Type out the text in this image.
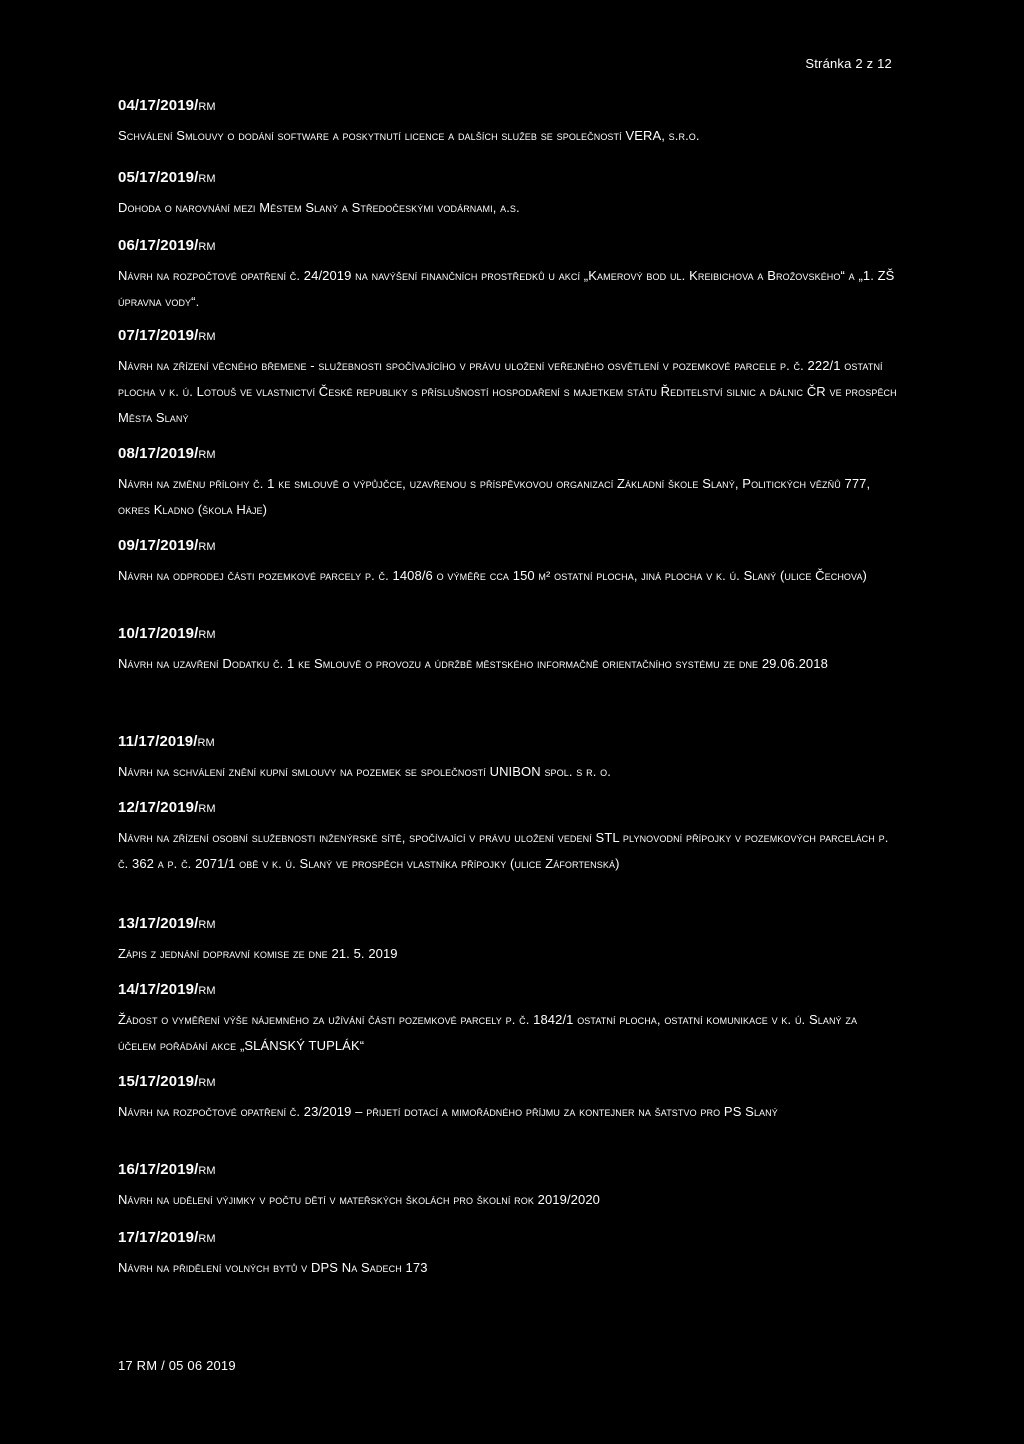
Stránka 2 z 12
04/17/2019/rm
Schválení Smlouvy o dodání software a poskytnutí licence a dalších služeb se společností VERA, s.r.o.
05/17/2019/rm
Dohoda o narovnání mezi Městem Slaný a Středočeskými vodárnami, a.s.
06/17/2019/rm
Návrh na rozpočtové opatření č. 24/2019 na navýšení finančních prostředků u akcí „Kamerový bod ul. Kreibichova a Brožovského“ a „1. ZŠ úpravna vody“.
07/17/2019/rm
Návrh na zřízení věcného břemene - služebnosti spočívajícího v právu uložení veřejného osvětlení v pozemkové parcele p. č. 222/1 ostatní plocha v k. ú. Lotouš ve vlastnictví České republiky s příslušností hospodaření s majetkem státu Ředitelství silnic a dálnic ČR ve prospěch Města Slaný
08/17/2019/rm
Návrh na změnu přílohy č. 1 ke smlouvě o výpůjčce, uzavřenou s příspěvkovou organizací Základní škole Slaný, Politických vězňů 777, okres Kladno (škola Háje)
09/17/2019/rm
Návrh na odprodej části pozemkové parcely p. č. 1408/6 o výměře cca 150 m² ostatní plocha, jiná plocha v k. ú. Slaný (ulice Čechova)
10/17/2019/rm
Návrh na uzavření Dodatku č. 1 ke Smlouvě o provozu a údržbě městského informačně orientačního systému ze dne 29.06.2018
11/17/2019/rm
Návrh na schválení znění kupní smlouvy na pozemek se společností UNIBON spol. s r. o.
12/17/2019/rm
Návrh na zřízení osobní služebnosti inženýrské sítě, spočívající v právu uložení vedení STL plynovodní přípojky v pozemkových parcelách p. č. 362 a p. č. 2071/1 obě v k. ú. Slaný ve prospěch vlastníka přípojky (ulice Záfortenská)
13/17/2019/rm
Zápis z jednání dopravní komise ze dne 21. 5. 2019
14/17/2019/rm
Žádost o vyměření výše nájemného za užívání části pozemkové parcely p. č. 1842/1 ostatní plocha, ostatní komunikace v k. ú. Slaný za účelem pořádání akce „SLÁNSKÝ TUPLÁK“
15/17/2019/rm
Návrh na rozpočtové opatření č. 23/2019 – přijetí dotací a mimořádného příjmu za kontejner na šatstvo pro PS Slaný
16/17/2019/rm
Návrh na udělení výjimky v počtu dětí v mateřských školách pro školní rok 2019/2020
17/17/2019/rm
Návrh na přidělení volných bytů v DPS Na Sadech 173
17 RM / 05 06 2019
